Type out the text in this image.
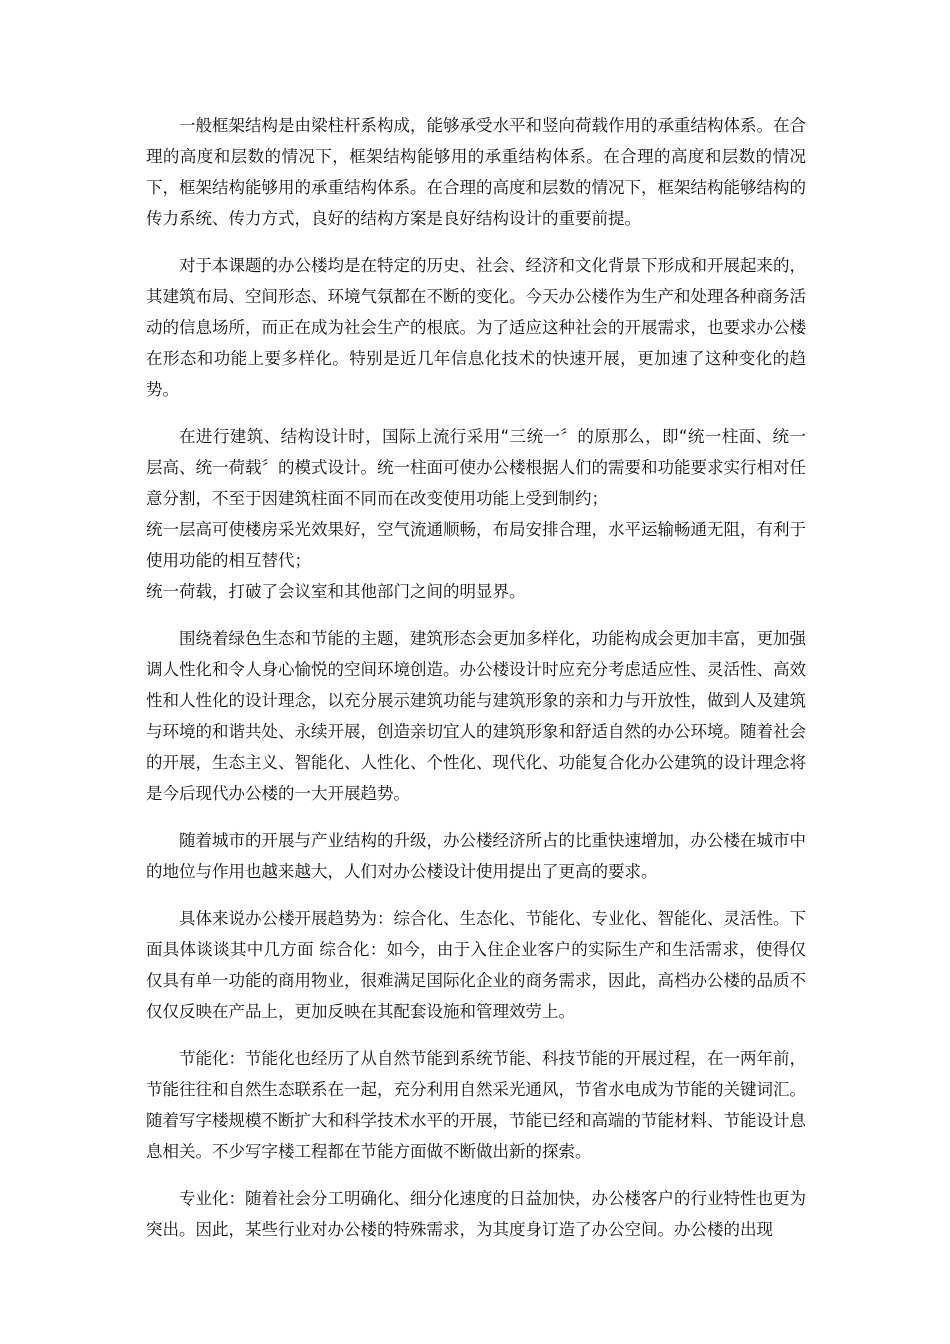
一般框架结构是由梁柱杆系构成，能够承受水平和竖向荷载作用的承重结构体系。在合理的高度和层数的情况下，框架结构能够用的承重结构体系。在合理的高度和层数的情况下，框架结构能够用的承重结构体系。在合理的高度和层数的情况下，框架结构能够结构的传力系统、传力方式，良好的结构方案是良好结构设计的重要前提。

对于本课题的办公楼均是在特定的历史、社会、经济和文化背景下形成和开展起来的，其建筑布局、空间形态、环境气氛都在不断的变化。今天办公楼作为生产和处理各种商务活动的信息场所，而正在成为社会生产的根底。为了适应这种社会的开展需求，也要求办公楼在形态和功能上要多样化。特别是近几年信息化技术的快速开展，更加速了这种变化的趋势。

在进行建筑、结构设计时，国际上流行采用“三统一〞的原那么，即“统一柱面、统一层高、统一荷载〞的模式设计。统一柱面可使办公楼根据人们的需要和功能要求实行相对任意分割，不至于因建筑柱面不同而在改变使用功能上受到制约；

统一层高可使楼房采光效果好，空气流通顺畅，布局安排合理，水平运输畅通无阻，有利于使用功能的相互替代；

统一荷载，打破了会议室和其他部门之间的明显界。

围绕着绿色生态和节能的主题，建筑形态会更加多样化，功能构成会更加丰富，更加强调人性化和令人身心愉悦的空间环境创造。办公楼设计时应充分考虑适应性、灵活性、高效性和人性化的设计理念，以充分展示建筑功能与建筑形象的亲和力与开放性，做到人及建筑与环境的和谐共处、永续开展，创造亲切宜人的建筑形象和舒适自然的办公环境。随着社会的开展，生态主义、智能化、人性化、个性化、现代化、功能复合化办公建筑的设计理念将是今后现代办公楼的一大开展趋势。

随着城市的开展与产业结构的升级，办公楼经济所占的比重快速增加，办公楼在城市中的地位与作用也越来越大，人们对办公楼设计使用提出了更高的要求。

具体来说办公楼开展趋势为：综合化、生态化、节能化、专业化、智能化、灵活性。下面具体谈谈其中几方面 综合化：如今，由于入住企业客户的实际生产和生活需求，使得仅仅具有单一功能的商用物业，很难满足国际化企业的商务需求，因此，高档办公楼的品质不仅仅反映在产品上，更加反映在其配套设施和管理效劳上。

节能化：节能化也经历了从自然节能到系统节能、科技节能的开展过程，在一两年前，节能往往和自然生态联系在一起，充分利用自然采光通风，节省水电成为节能的关键词汇。随着写字楼规模不断扩大和科学技术水平的开展，节能已经和高端的节能材料、节能设计息息相关。不少写字楼工程都在节能方面做不断做出新的探索。

专业化：随着社会分工明确化、细分化速度的日益加快，办公楼客户的行业特性也更为突出。因此，某些行业对办公楼的特殊需求，为其度身订造了办公空间。办公楼的出现
